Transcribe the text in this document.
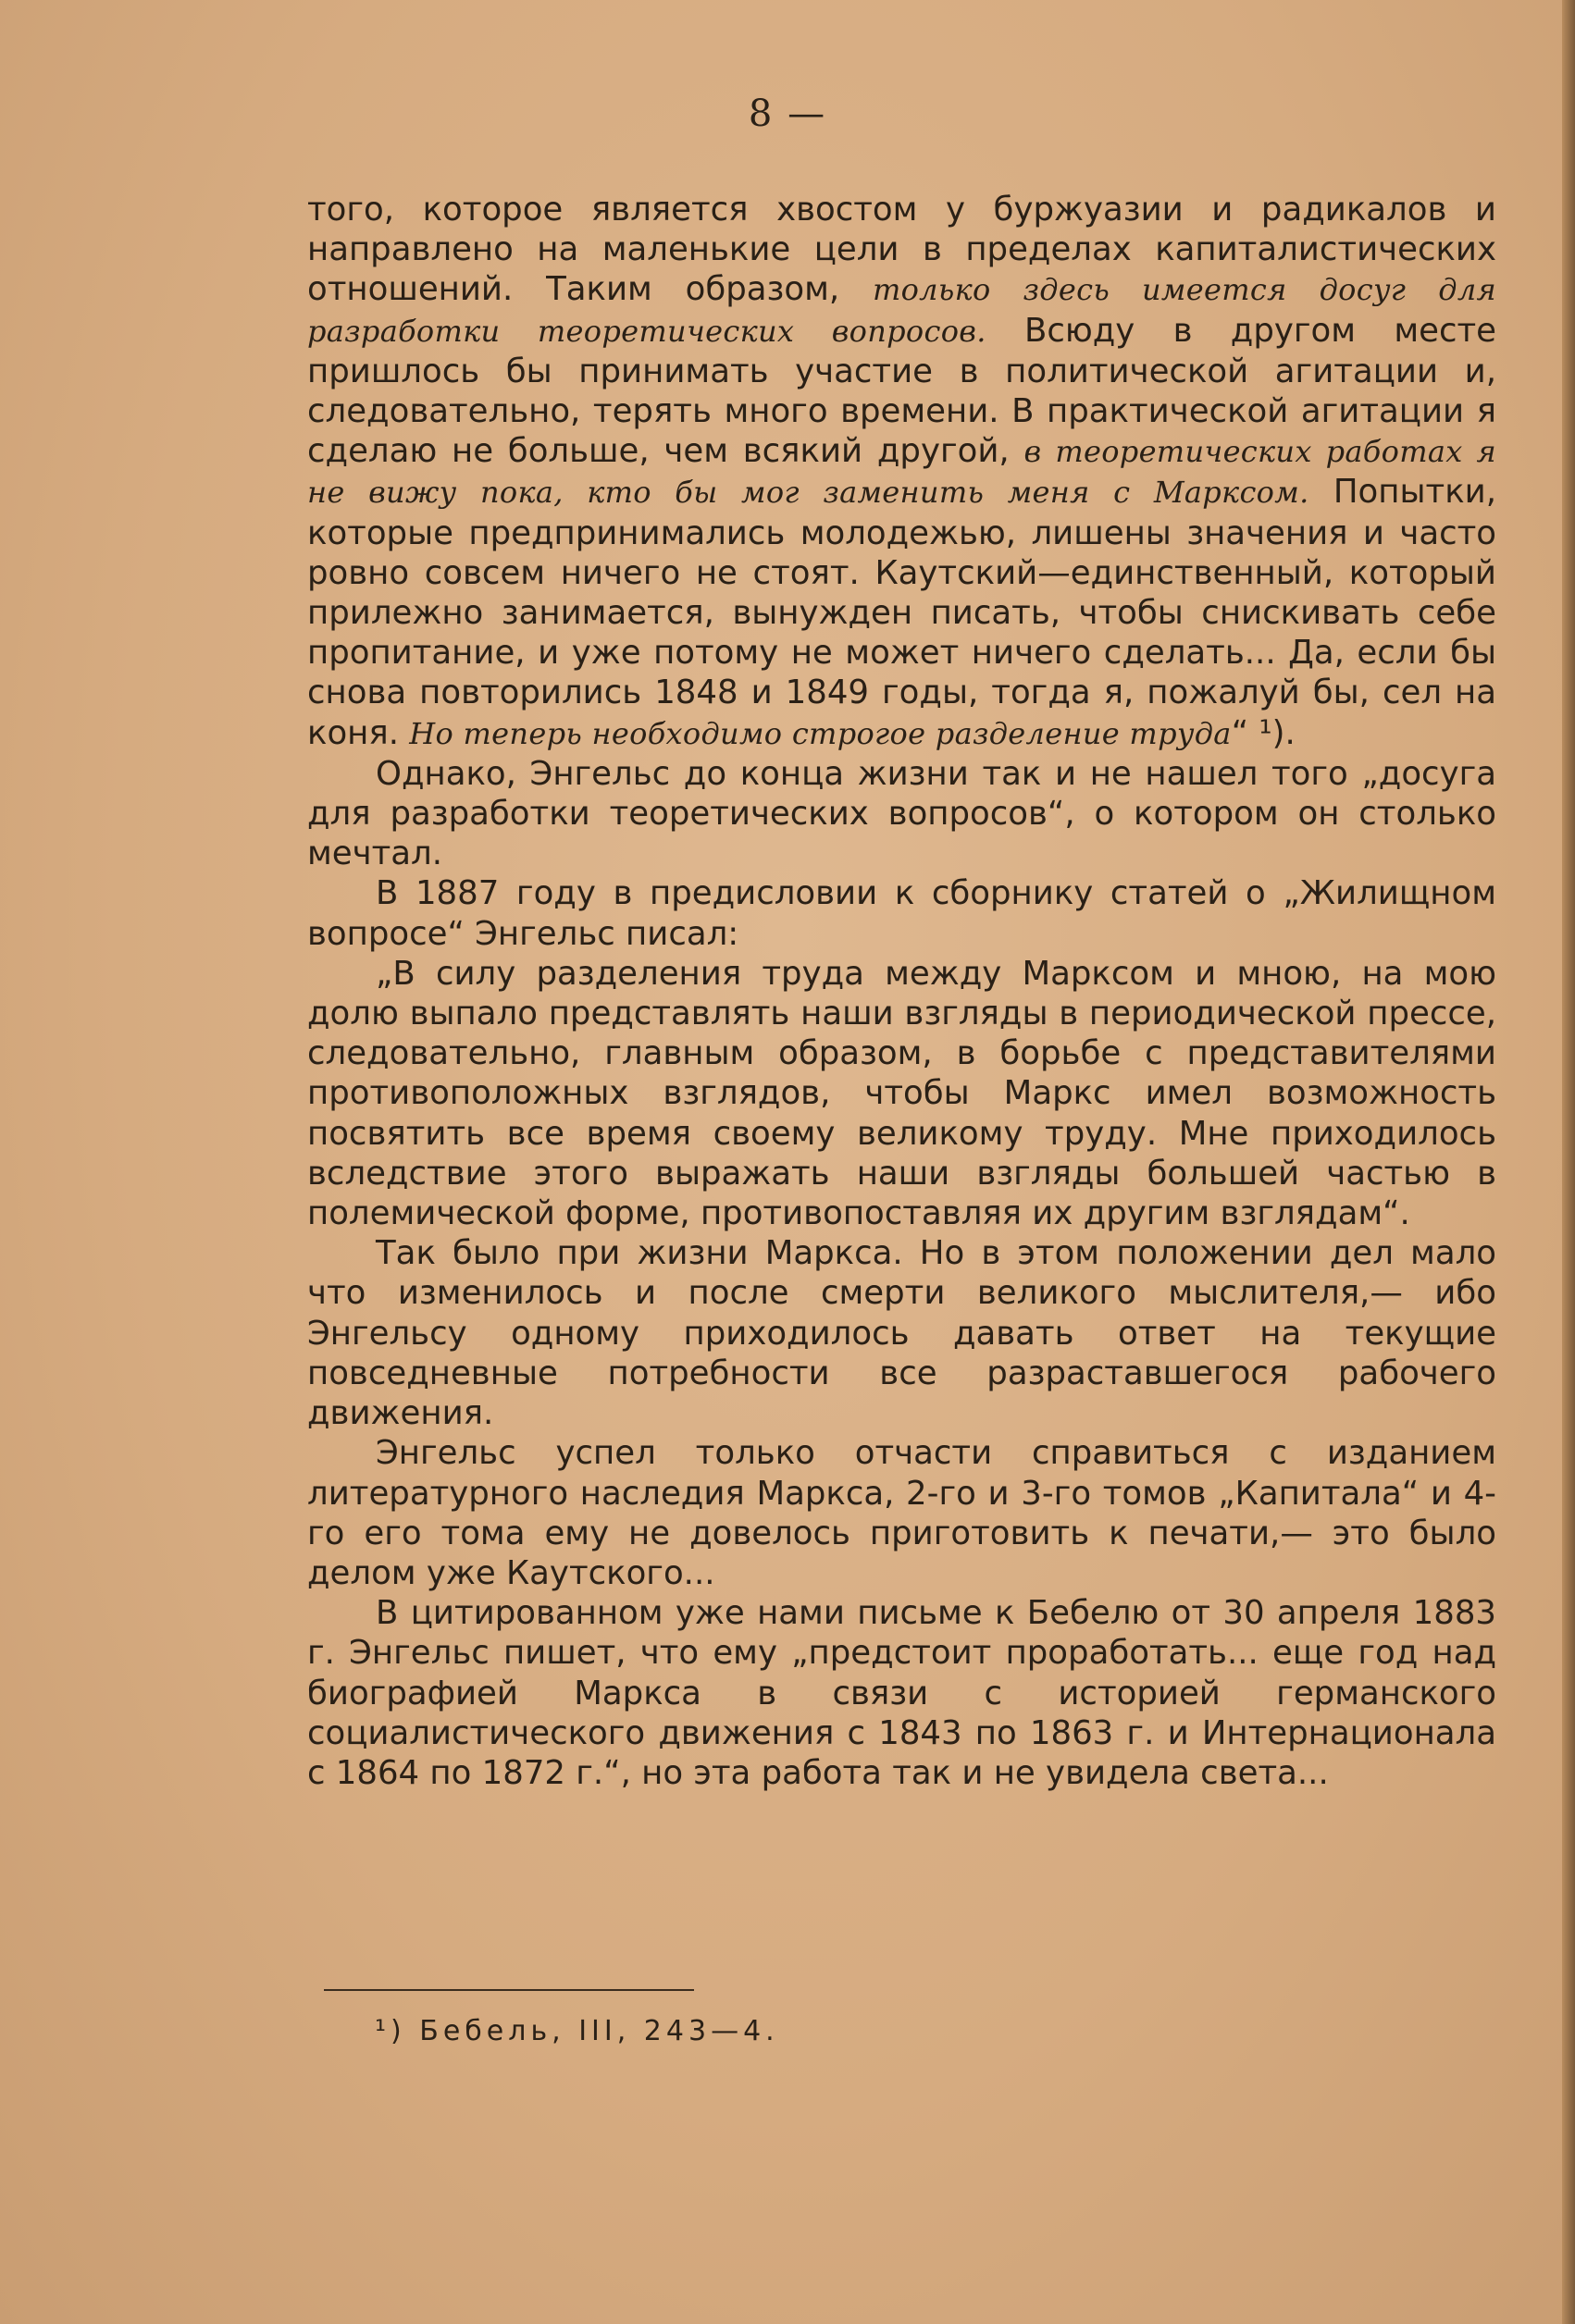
8 —

того, которое является хвостом у буржуазии и радикалов и направлено на маленькие цели в пределах капиталистических отношений. Таким образом, только здесь имеется досуг для разработки теоретических вопросов. Всюду в другом месте пришлось бы принимать участие в политической агитации и, следовательно, терять много времени. В практической агитации я сделаю не больше, чем всякий другой, в теоретических работах я не вижу пока, кто бы мог заменить меня с Марксом. Попытки, которые предпринимались молодежью, лишены значения и часто ровно совсем ничего не стоят. Каутский—единственный, который прилежно занимается, вынужден писать, чтобы снискивать себе пропитание, и уже потому не может ничего сделать... Да, если бы снова повторились 1848 и 1849 годы, тогда я, пожалуй бы, сел на коня. Но теперь необходимо строгое разделение труда“ ¹).

Однако, Энгельс до конца жизни так и не нашел того „досуга для разработки теоретических вопросов“, о котором он столько мечтал.

В 1887 году в предисловии к сборнику статей о „Жилищном вопросе“ Энгельс писал:

„В силу разделения труда между Марксом и мною, на мою долю выпало представлять наши взгляды в периодической прессе, следовательно, главным образом, в борьбе с представителями противоположных взглядов, чтобы Маркс имел возможность посвятить все время своему великому труду. Мне приходилось вследствие этого выражать наши взгляды большей частью в полемической форме, противопоставляя их другим взглядам“.

Так было при жизни Маркса. Но в этом положении дел мало что изменилось и после смерти великого мыслителя,— ибо Энгельсу одному приходилось давать ответ на текущие повседневные потребности все разраставшегося рабочего движения.

Энгельс успел только отчасти справиться с изданием литературного наследия Маркса, 2-го и 3-го томов „Капитала“ и 4-го его тома ему не довелось приготовить к печати,— это было делом уже Каутского...

В цитированном уже нами письме к Бебелю от 30 апреля 1883 г. Энгельс пишет, что ему „предстоит проработать... еще год над биографией Маркса в связи с историей германского социалистического движения с 1843 по 1863 г. и Интернационала с 1864 по 1872 г.“, но эта работа так и не увидела света...

¹) Бебель, III, 243—4.
